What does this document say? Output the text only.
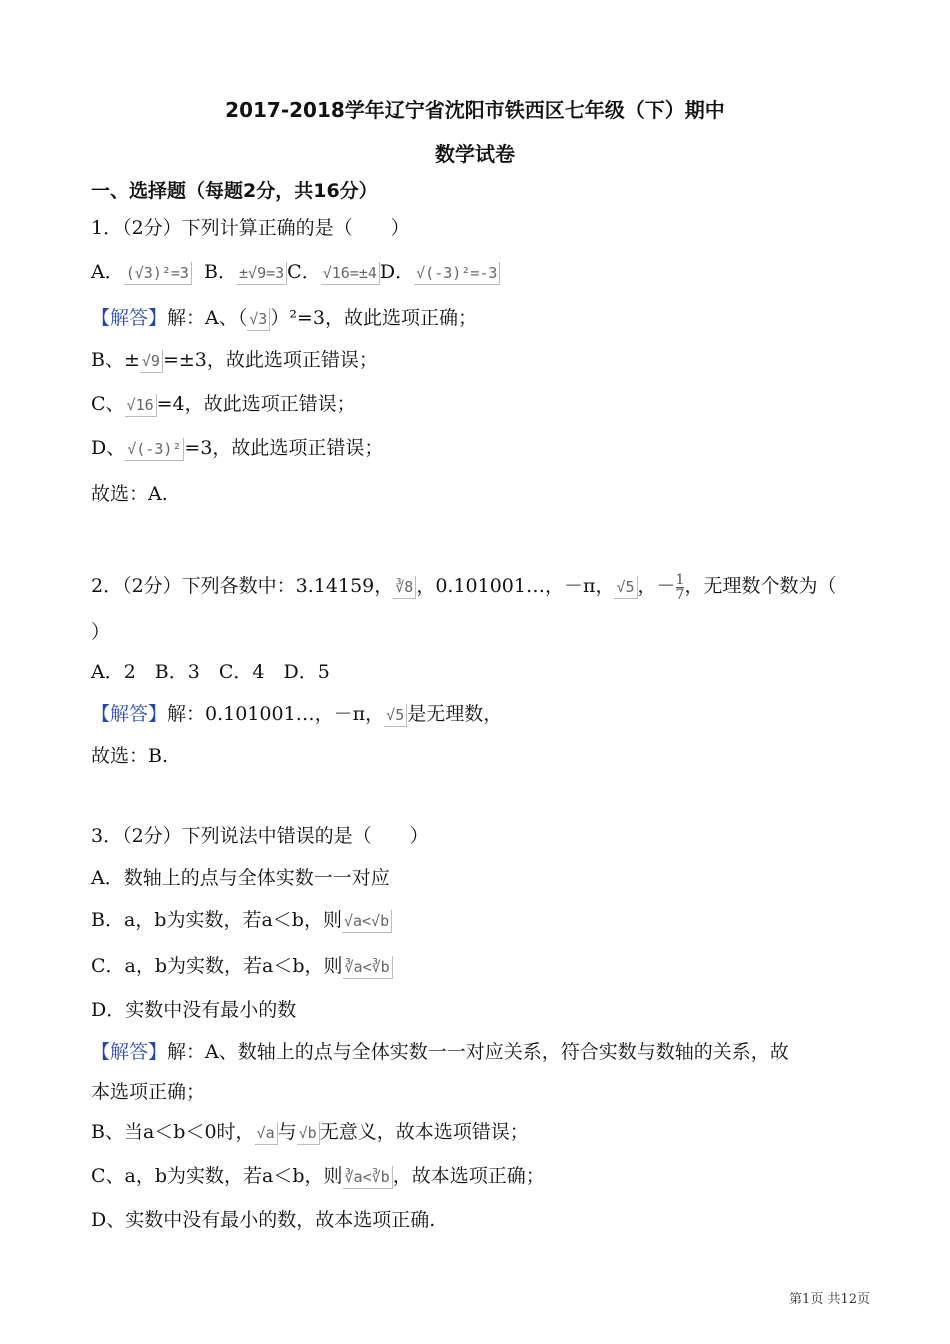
2017-2018学年辽宁省沈阳市铁西区七年级（下）期中
数学试卷
一、选择题（每题2分，共16分）
1．（2分）下列计算正确的是（　　）
A． (√3)²=3 B． ±√9=3 C． √16=±4 D． √(-3)²=-3
【解答】解：A、（ √3 ）²=3，故此选项正确；
B、± √9 =±3，故此选项正错误；
C、 √16 =4，故此选项正错误；
D、 √(-3)² =3，故此选项正错误；
故选：A.
2．（2分）下列各数中：3.14159， ∛8 ，0.101001…，－π， √5 ，－ $\frac{1}{7}$ ，无理数个数为（
）
A．2　B．3　C．4　D．5
【解答】解：0.101001…，－π， √5 是无理数，
故选：B.
3．（2分）下列说法中错误的是（　　）
A．数轴上的点与全体实数一一对应
B．a，b为实数，若a＜b，则 √a<√b
C．a，b为实数，若a＜b，则 ∛a<∛b
D．实数中没有最小的数
【解答】解：A、数轴上的点与全体实数一一对应关系，符合实数与数轴的关系，故
本选项正确；
B、当a＜b＜0时， √a 与 √b 无意义，故本选项错误；
C、a，b为实数，若a＜b，则 ∛a<∛b ，故本选项正确；
D、实数中没有最小的数，故本选项正确.
第1页 共12页
